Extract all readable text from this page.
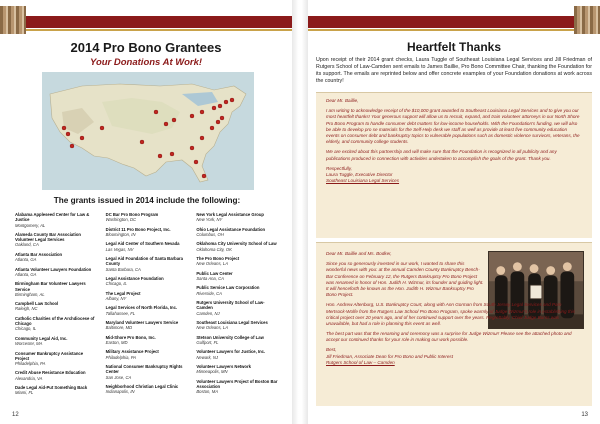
2014 Pro Bono Grantees
Your Donations At Work!
The grants issued in 2014 include the following:
Alabama Appleseed Center for Law & Justice
Montgomery, AL
Alameda County Bar Association Volunteer Legal Services
Oakland, CA
Atlanta Bar Association
Atlanta, GA
Atlanta Volunteer Lawyers Foundation
Atlanta, GA
Birmingham Bar Volunteer Lawyers Service
Birmingham, AL
Campbell Law School
Raleigh, NC
Catholic Charities of the Archdiocese of Chicago
Chicago, IL
Community Legal Aid, Inc.
Worcester, MA
Consumer Bankruptcy Assistance Project
Philadelphia, PA
Credit Abuse Resistance Education
Alexandria, VA
Dade Legal Aid-Put Something Back
Miami, FL
DC Bar Pro Bono Program
Washington, DC
District 11 Pro Bono Project, Inc.
Bloomington, IN
Legal Aid Center of Southern Nevada
Las Vegas, NV
Legal Aid Foundation of Santa Barbara County
Santa Barbara, CA
Legal Assistance Foundation
Chicago, IL
The Legal Project
Albany, NY
Legal Services of North Florida, Inc.
Tallahassee, FL
Maryland Volunteer Lawyers Service
Baltimore, MD
Mid-Shore Pro Bono, Inc.
Easton, MD
Military Assistance Project
Philadelphia, PA
National Consumer Bankruptcy Rights Center
San Jose, CA
Neighborhood Christian Legal Clinic
Indianapolis, IN
New York Legal Assistance Group
New York, NY
Ohio Legal Assistance Foundation
Columbus, OH
Oklahoma City University School of Law
Oklahoma City, OK
The Pro Bono Project
New Orleans, LA
Public Law Center
Santa Ana, CA
Public Service Law Corporation
Riverside, CA
Rutgers University School of Law-Camden
Camden, NJ
Southeast Louisiana Legal Services
New Orleans, LA
Stetson University College of Law
Gulfport, FL
Volunteer Lawyers for Justice, Inc.
Newark, NJ
Volunteer Lawyers Network
Minneapolis, MN
Volunteer Lawyers Project of Boston Bar Association
Boston, MA
12
Heartfelt Thanks
Upon receipt of their 2014 grant checks, Laura Tuggle of Southeast Louisiana Legal Services and Jill Friedman of Rutgers School of Law-Camden sent emails to James Baillie, Pro Bono Committee Chair, thanking the Foundation for its support. The emails are reprinted below and offer concrete examples of your Foundation donations at work across the country!

Dear Mr. Baillie,

I am writing to acknowledge receipt of the $10,000 grant awarded to Southeast Louisiana Legal Services and to give you our most heartfelt thanks! Your generous support will allow us to recruit, expand, and train volunteer attorneys in our North Shore Pro Bono Program to handle consumer debt matters for low-income households. With the Foundation's funding, we will also be able to develop pro se materials for the Self-Help desk we staff as well as provide at least five community education events on consumer debt and bankruptcy topics to vulnerable populations such as domestic violence survivors, veterans, the elderly, and community college students.

We are excited about this partnership and will make sure that the Foundation is recognized in all publicity and any publications produced in connection with activities undertaken to accomplish the goals of the grant. Thank you.

Respectfully,
Laura Tuggle, Executive Director
Southeast Louisiana Legal Services

Dear Mr. Baillie and Ms. Bodker,

Since you so generously invested in our work, I wanted to share this wonderful news with you: at the annual Camden County Bankruptcy Bench-Bar Conference on February 12, the Rutgers Bankruptcy Pro Bono Project was renamed in honor of Hon. Judith H. Wizmur, its founder and guiding light. It will henceforth be known as the Hon. Judith H. Wizmur Bankruptcy Pro Bono Project.

Hon. Andrew Altenburg, U.S. Bankruptcy Court, along with Ann Gorman from South Jersey Legal Services and Pam Mertsock-Wolfe from the Rutgers Law School Pro Bono Program, spoke warmly of Judge Wizmur's role in establishing this critical project over 20 years ago, and of her continued support over the years. Regrettably, Chief Judge Burns was unavailable, but had a role in planning this event as well.

The best part was that the renaming and ceremony was a surprise for Judge Wizmur! Please see the attached photo and accept our continued thanks for your role in making our work possible.

Best,
Jill Friedman, Associate Dean for Pro Bono and Public Interest
Rutgers School of Law – Camden
13
